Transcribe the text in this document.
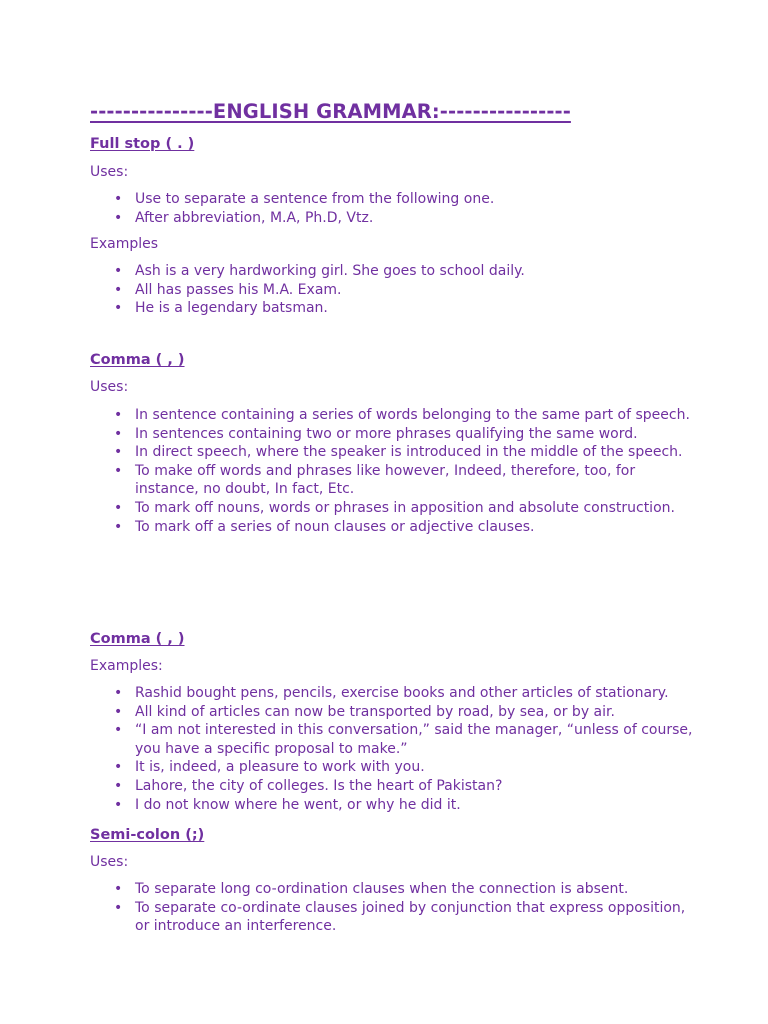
---------------ENGLISH GRAMMAR:----------------
Full stop ( . )

Uses:

• Use to separate a sentence from the following one.
• After abbreviation, M.A, Ph.D, Vtz.

Examples

• Ash is a very hardworking girl. She goes to school daily.
• All has passes his M.A. Exam.
• He is a legendary batsman.
Comma ( , )

Uses:

• In sentence containing a series of words belonging to the same part of speech.
• In sentences containing two or more phrases qualifying the same word.
• In direct speech, where the speaker is introduced in the middle of the speech.
• To make off words and phrases like however, Indeed, therefore, too, for instance, no doubt, In fact, Etc.
• To mark off nouns, words or phrases in apposition and absolute construction.
• To mark off a series of noun clauses or adjective clauses.
Comma ( , )

Examples:

• Rashid bought pens, pencils, exercise books and other articles of stationary.
• All kind of articles can now be transported by road, by sea, or by air.
• “I am not interested in this conversation,” said the manager, “unless of course, you have a specific proposal to make.”
• It is, indeed, a pleasure to work with you.
• Lahore, the city of colleges. Is the heart of Pakistan?
• I do not know where he went, or why he did it.
Semi-colon (;)

Uses:

• To separate long co-ordination clauses when the connection is absent.
• To separate co-ordinate clauses joined by conjunction that express opposition, or introduce an interference.
